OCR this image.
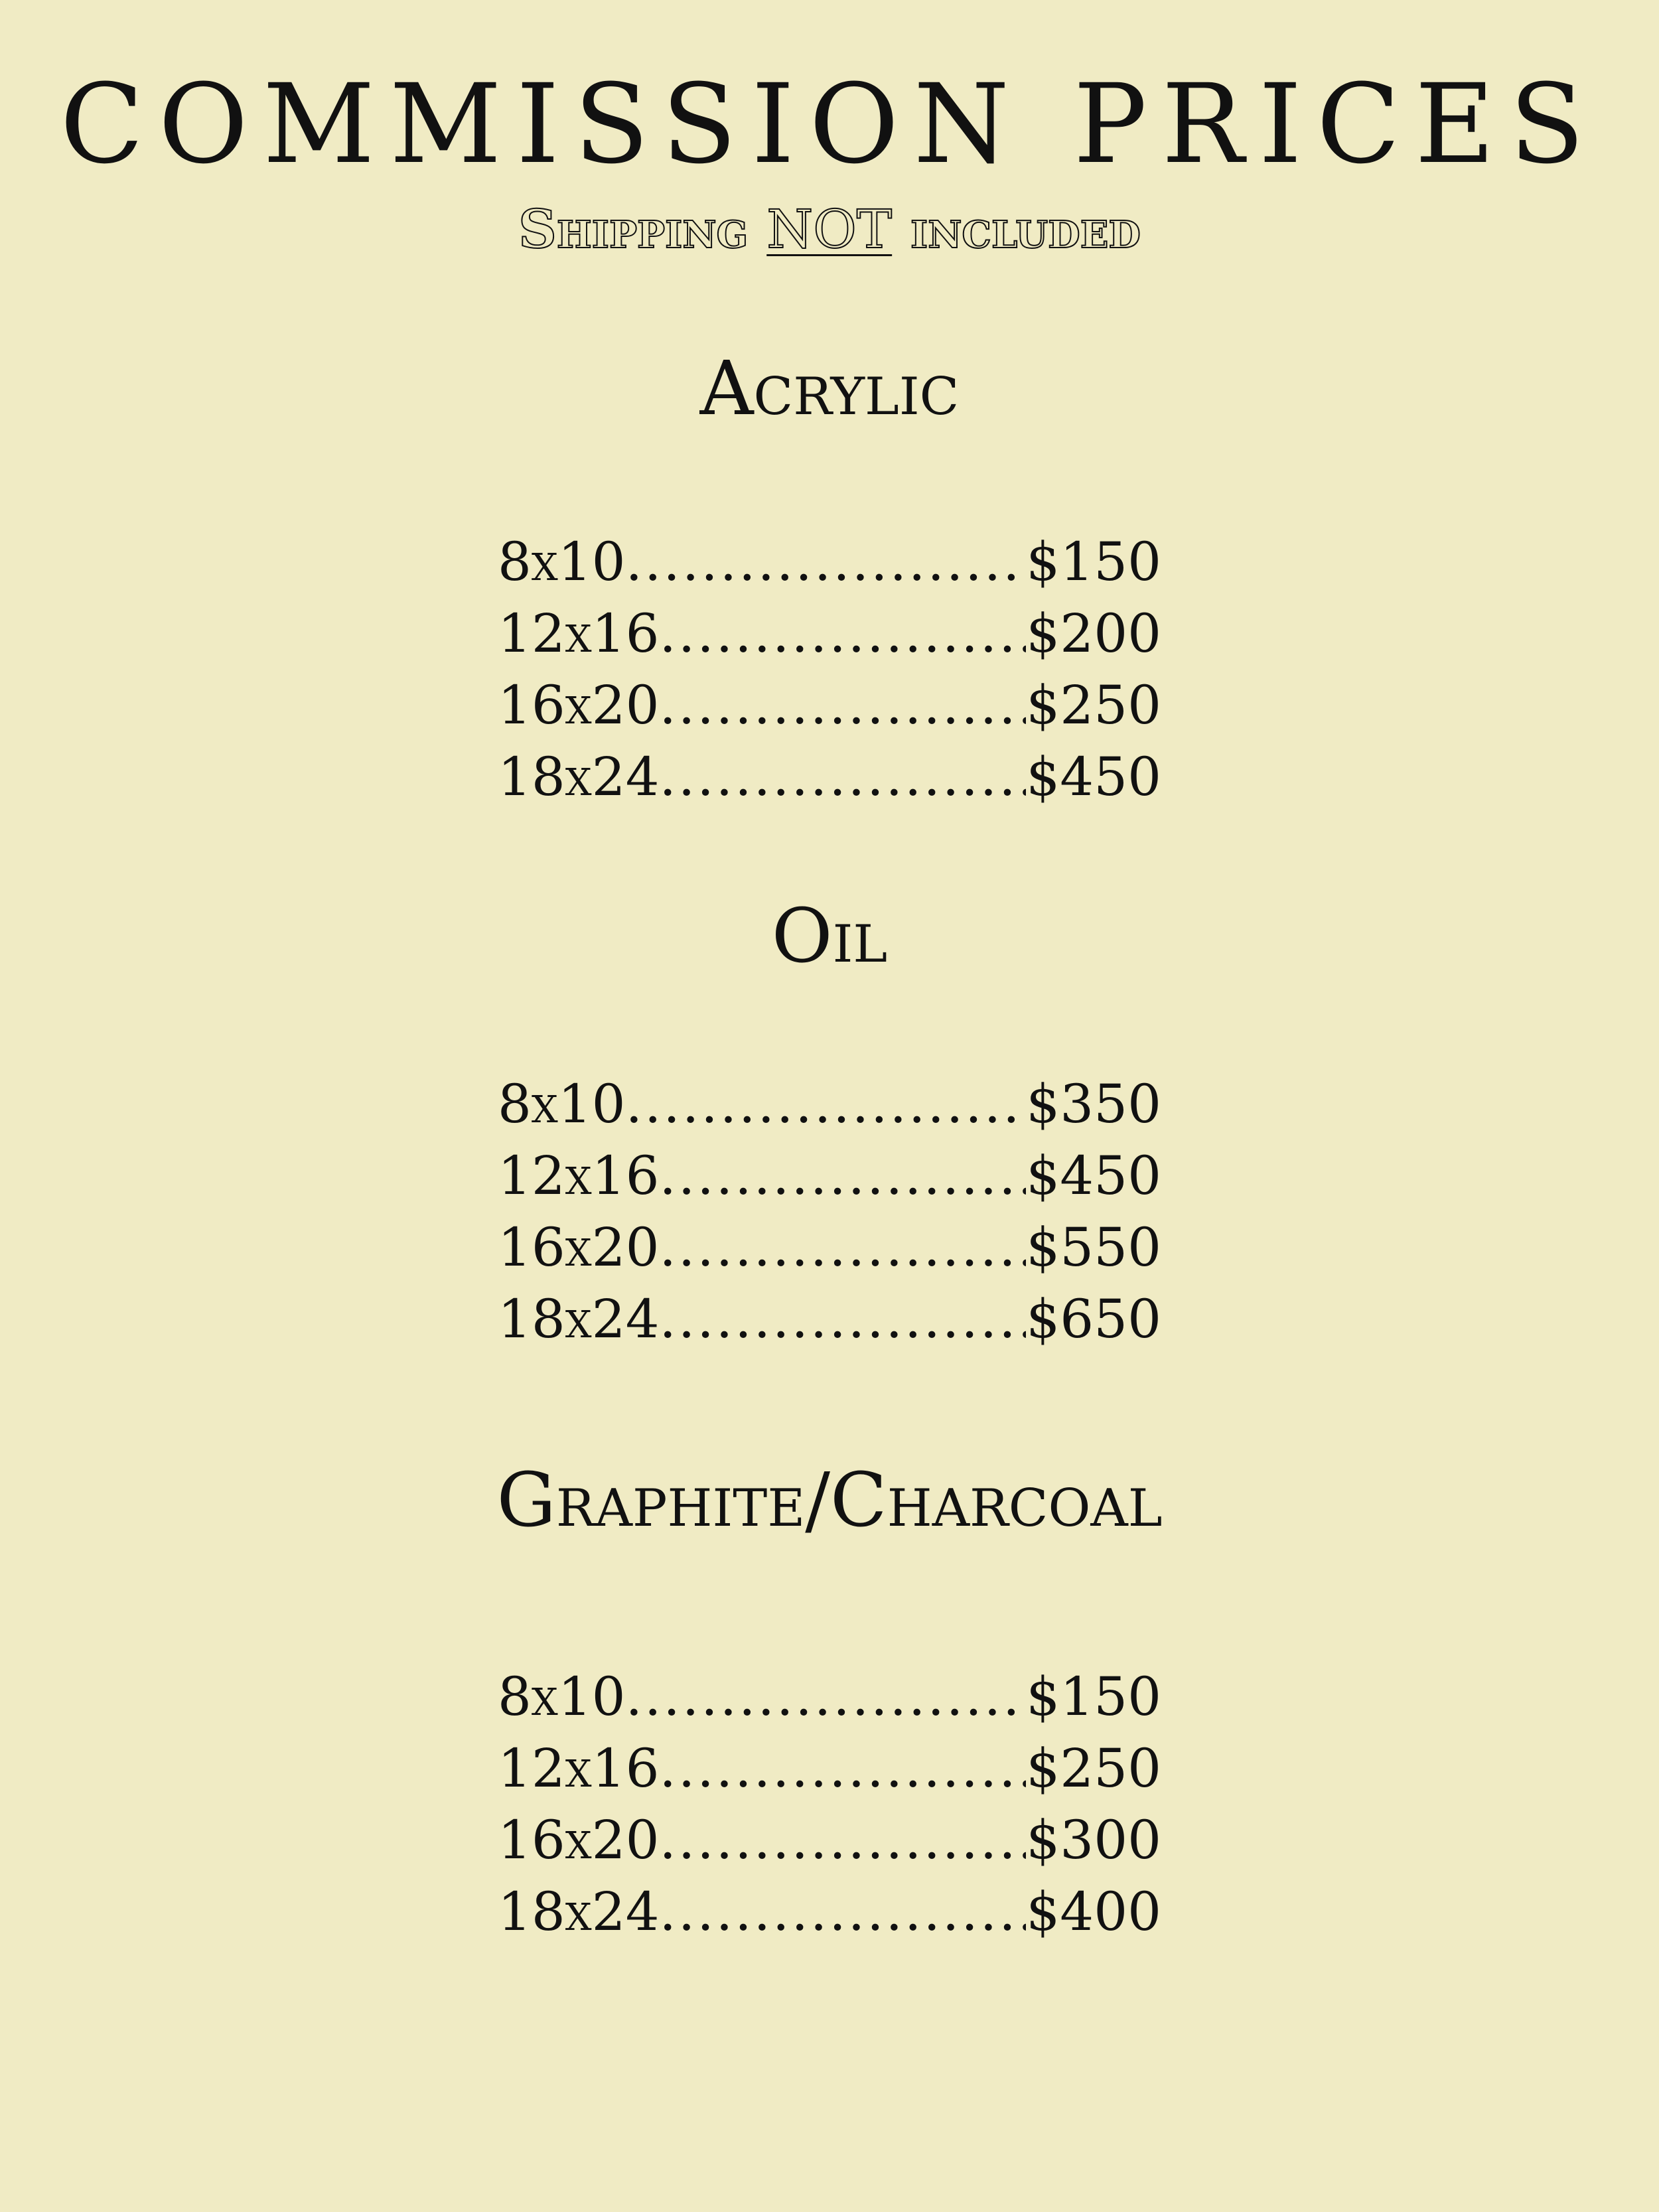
COMMISSION PRICES
Shipping NOT included
Acrylic
8x10 .....	$150
12x16 .....	$200
16x20 .....	$250
18x24 .....	$450
Oil
8x10 .....	$350
12x16 .....	$450
16x20 .....	$550
18x24 .....	$650
Graphite/Charcoal
8x10 .....	$150
12x16 .....	$250
16x20 .....	$300
18x24 .....	$400
